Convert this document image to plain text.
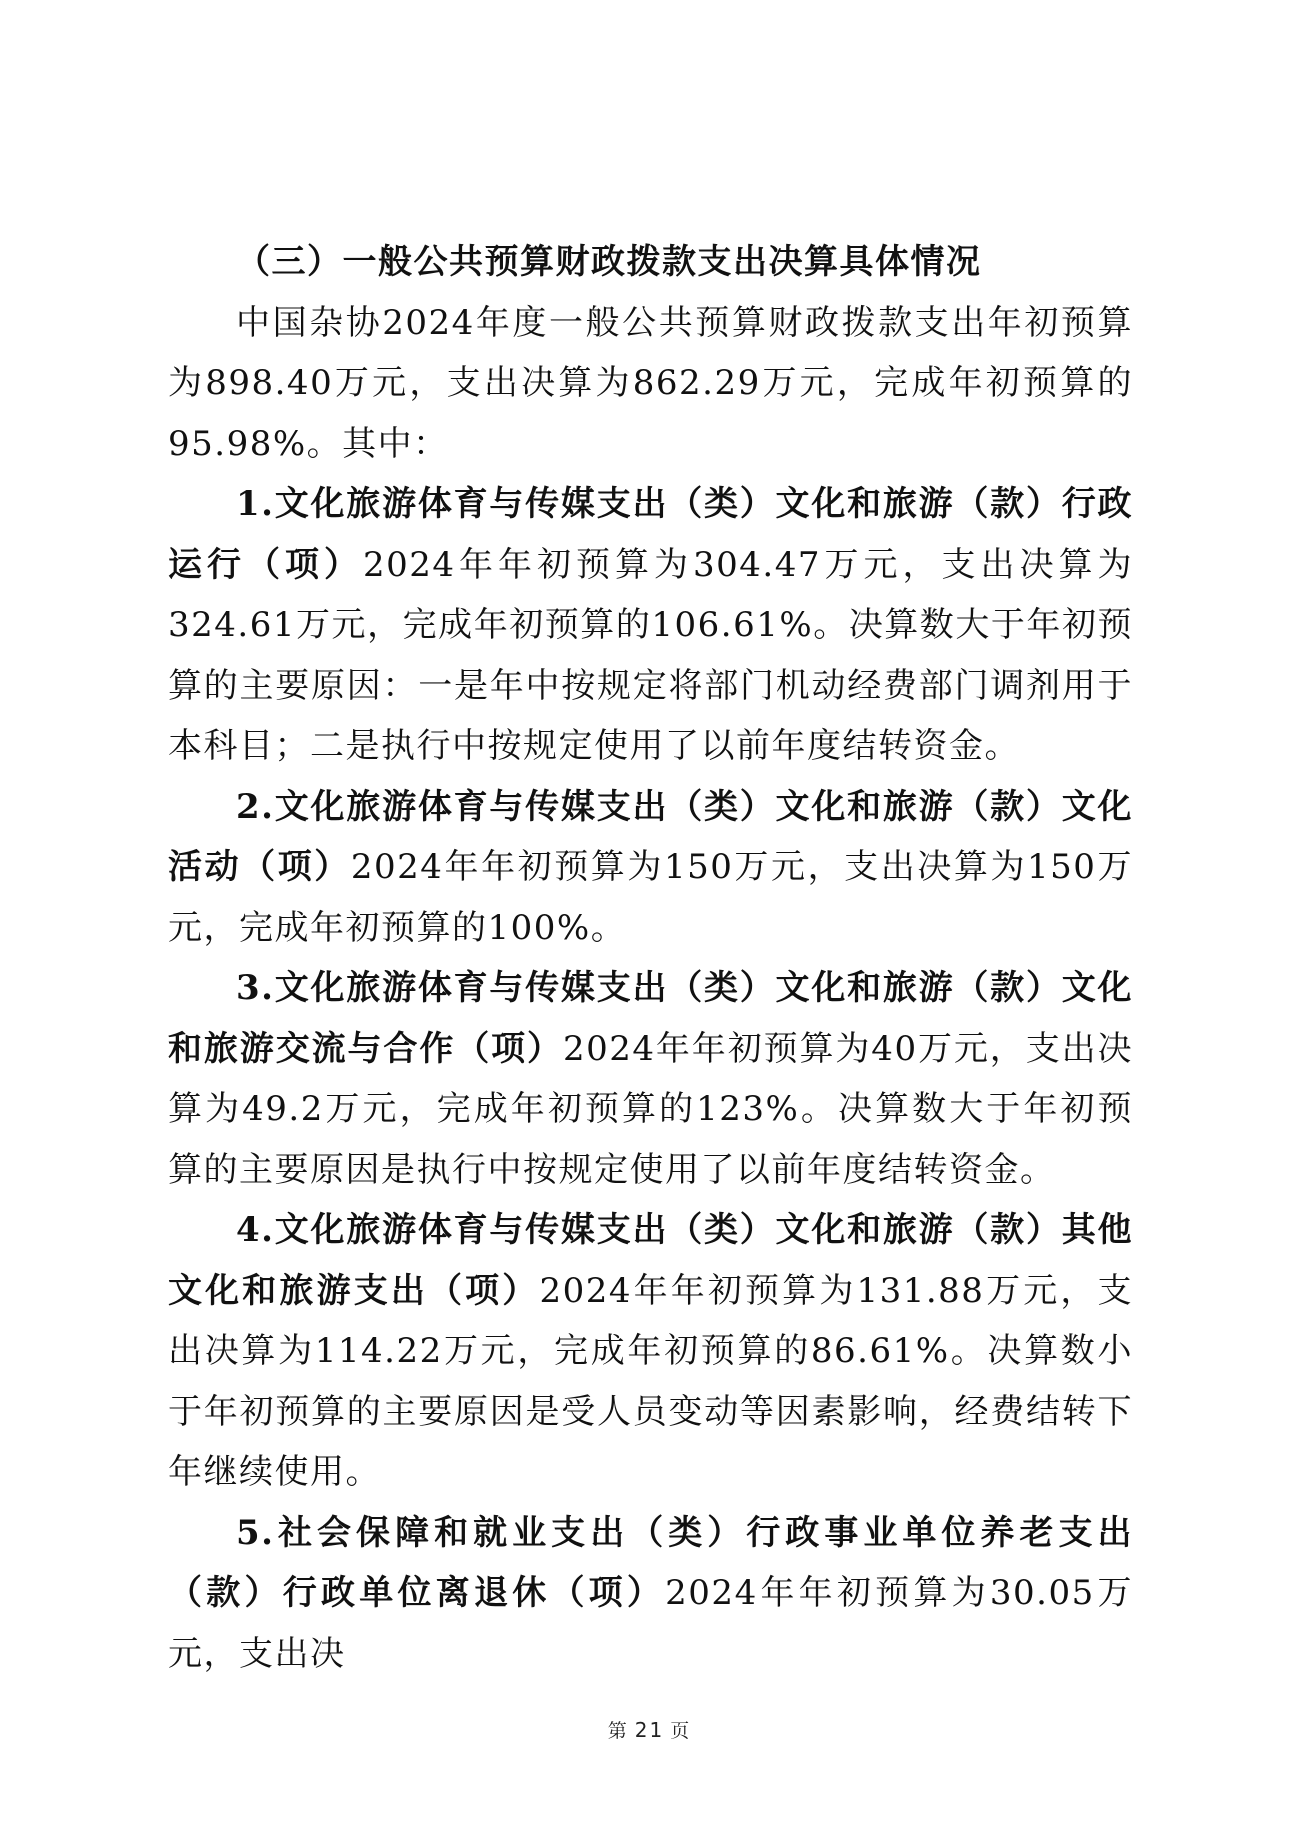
（三）一般公共预算财政拨款支出决算具体情况

中国杂协2024年度一般公共预算财政拨款支出年初预算为898.40万元，支出决算为862.29万元，完成年初预算的95.98%。其中：

1.文化旅游体育与传媒支出（类）文化和旅游（款）行政运行（项）2024年年初预算为304.47万元，支出决算为324.61万元，完成年初预算的106.61%。决算数大于年初预算的主要原因：一是年中按规定将部门机动经费部门调剂用于本科目；二是执行中按规定使用了以前年度结转资金。

2.文化旅游体育与传媒支出（类）文化和旅游（款）文化活动（项）2024年年初预算为150万元，支出决算为150万元，完成年初预算的100%。

3.文化旅游体育与传媒支出（类）文化和旅游（款）文化和旅游交流与合作（项）2024年年初预算为40万元，支出决算为49.2万元，完成年初预算的123%。决算数大于年初预算的主要原因是执行中按规定使用了以前年度结转资金。

4.文化旅游体育与传媒支出（类）文化和旅游（款）其他文化和旅游支出（项）2024年年初预算为131.88万元，支出决算为114.22万元，完成年初预算的86.61%。决算数小于年初预算的主要原因是受人员变动等因素影响，经费结转下年继续使用。

5.社会保障和就业支出（类）行政事业单位养老支出（款）行政单位离退休（项）2024年年初预算为30.05万元，支出决

第 21 页
